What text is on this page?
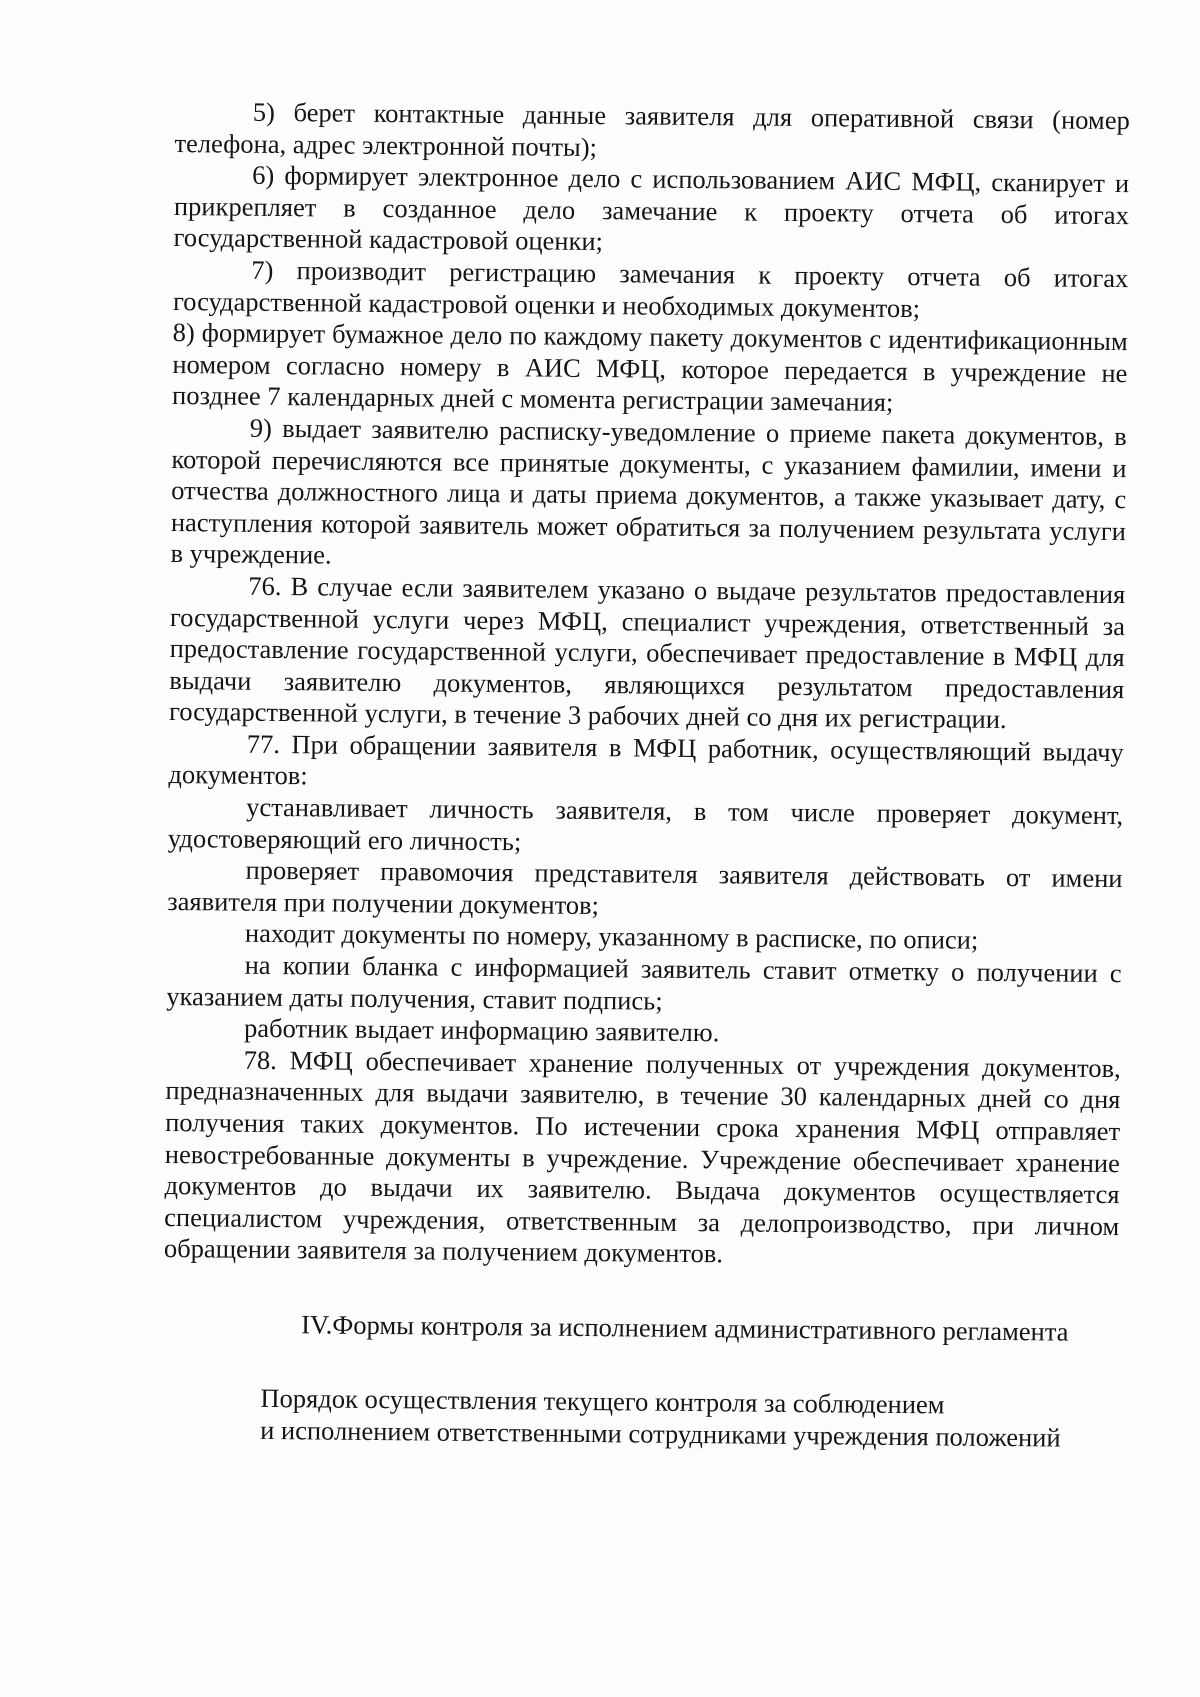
5) берет контактные данные заявителя для оперативной связи (номер телефона, адрес электронной почты);

6) формирует электронное дело с использованием АИС МФЦ, сканирует и прикрепляет в созданное дело замечание к проекту отчета об итогах государственной кадастровой оценки;

7) производит регистрацию замечания к проекту отчета об итогах государственной кадастровой оценки и необходимых документов;

8) формирует бумажное дело по каждому пакету документов с идентификационным номером согласно номеру в АИС МФЦ, которое передается в учреждение не позднее 7 календарных дней с момента регистрации замечания;

9) выдает заявителю расписку-уведомление о приеме пакета документов, в которой перечисляются все принятые документы, с указанием фамилии, имени и отчества должностного лица и даты приема документов, а также указывает дату, с наступления которой заявитель может обратиться за получением результата услуги в учреждение.

76. В случае если заявителем указано о выдаче результатов предоставления государственной услуги через МФЦ, специалист учреждения, ответственный за предоставление государственной услуги, обеспечивает предоставление в МФЦ для выдачи заявителю документов, являющихся результатом предоставления государственной услуги, в течение 3 рабочих дней со дня их регистрации.

77. При обращении заявителя в МФЦ работник, осуществляющий выдачу документов:

устанавливает личность заявителя, в том числе проверяет документ, удостоверяющий его личность;

проверяет правомочия представителя заявителя действовать от имени заявителя при получении документов;

находит документы по номеру, указанному в расписке, по описи;

на копии бланка с информацией заявитель ставит отметку о получении с указанием даты получения, ставит подпись;

работник выдает информацию заявителю.

78. МФЦ обеспечивает хранение полученных от учреждения документов, предназначенных для выдачи заявителю, в течение 30 календарных дней со дня получения таких документов. По истечении срока хранения МФЦ отправляет невостребованные документы в учреждение. Учреждение обеспечивает хранение документов до выдачи их заявителю. Выдача документов осуществляется специалистом учреждения, ответственным за делопроизводство, при личном обращении заявителя за получением документов.

IV.Формы контроля за исполнением административного регламента

Порядок осуществления текущего контроля за соблюдением
и исполнением ответственными сотрудниками учреждения положений
